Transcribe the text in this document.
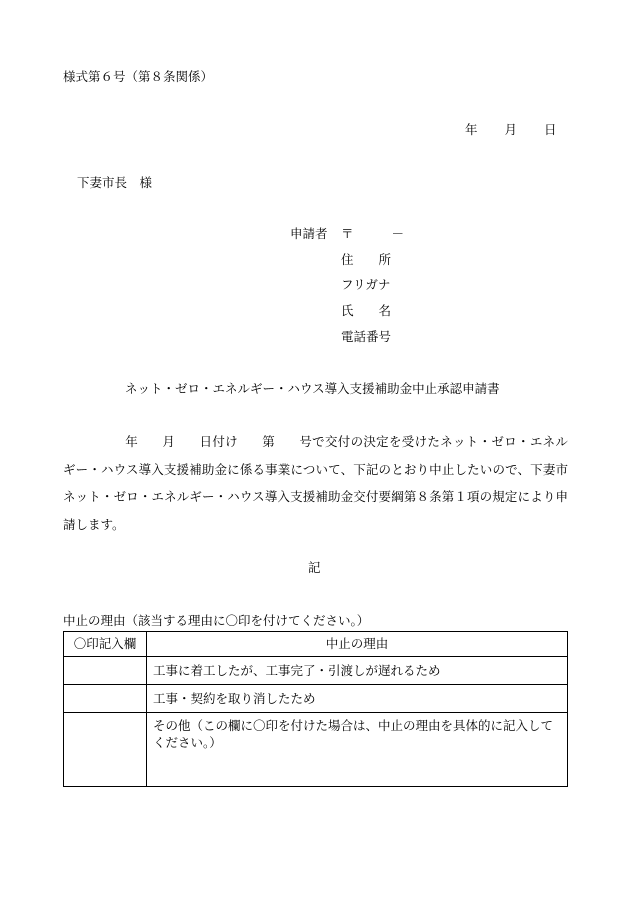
様式第６号（第８条関係）
年 月 日
下妻市長　様
申請者 〒	－
住　　所
フリガナ
氏　　名
電話番号
ネット・ゼロ・エネルギー・ハウス導入支援補助金中止承認申請書
年 月 日付け 第 号で交付の決定を受けたネット・ゼロ・エネルギー・ハウス導入支援補助金に係る事業について、下記のとおり中止したいので、下妻市ネット・ゼロ・エネルギー・ハウス導入支援補助金交付要綱第８条第１項の規定により申請します。
記
中止の理由（該当する理由に〇印を付けてください。）
〇印記入欄	中止の理由
	工事に着工したが、工事完了・引渡しが遅れるため
	工事・契約を取り消したため

	その他（この欄に〇印を付けた場合は、中止の理由を具体的に記入してください。）
